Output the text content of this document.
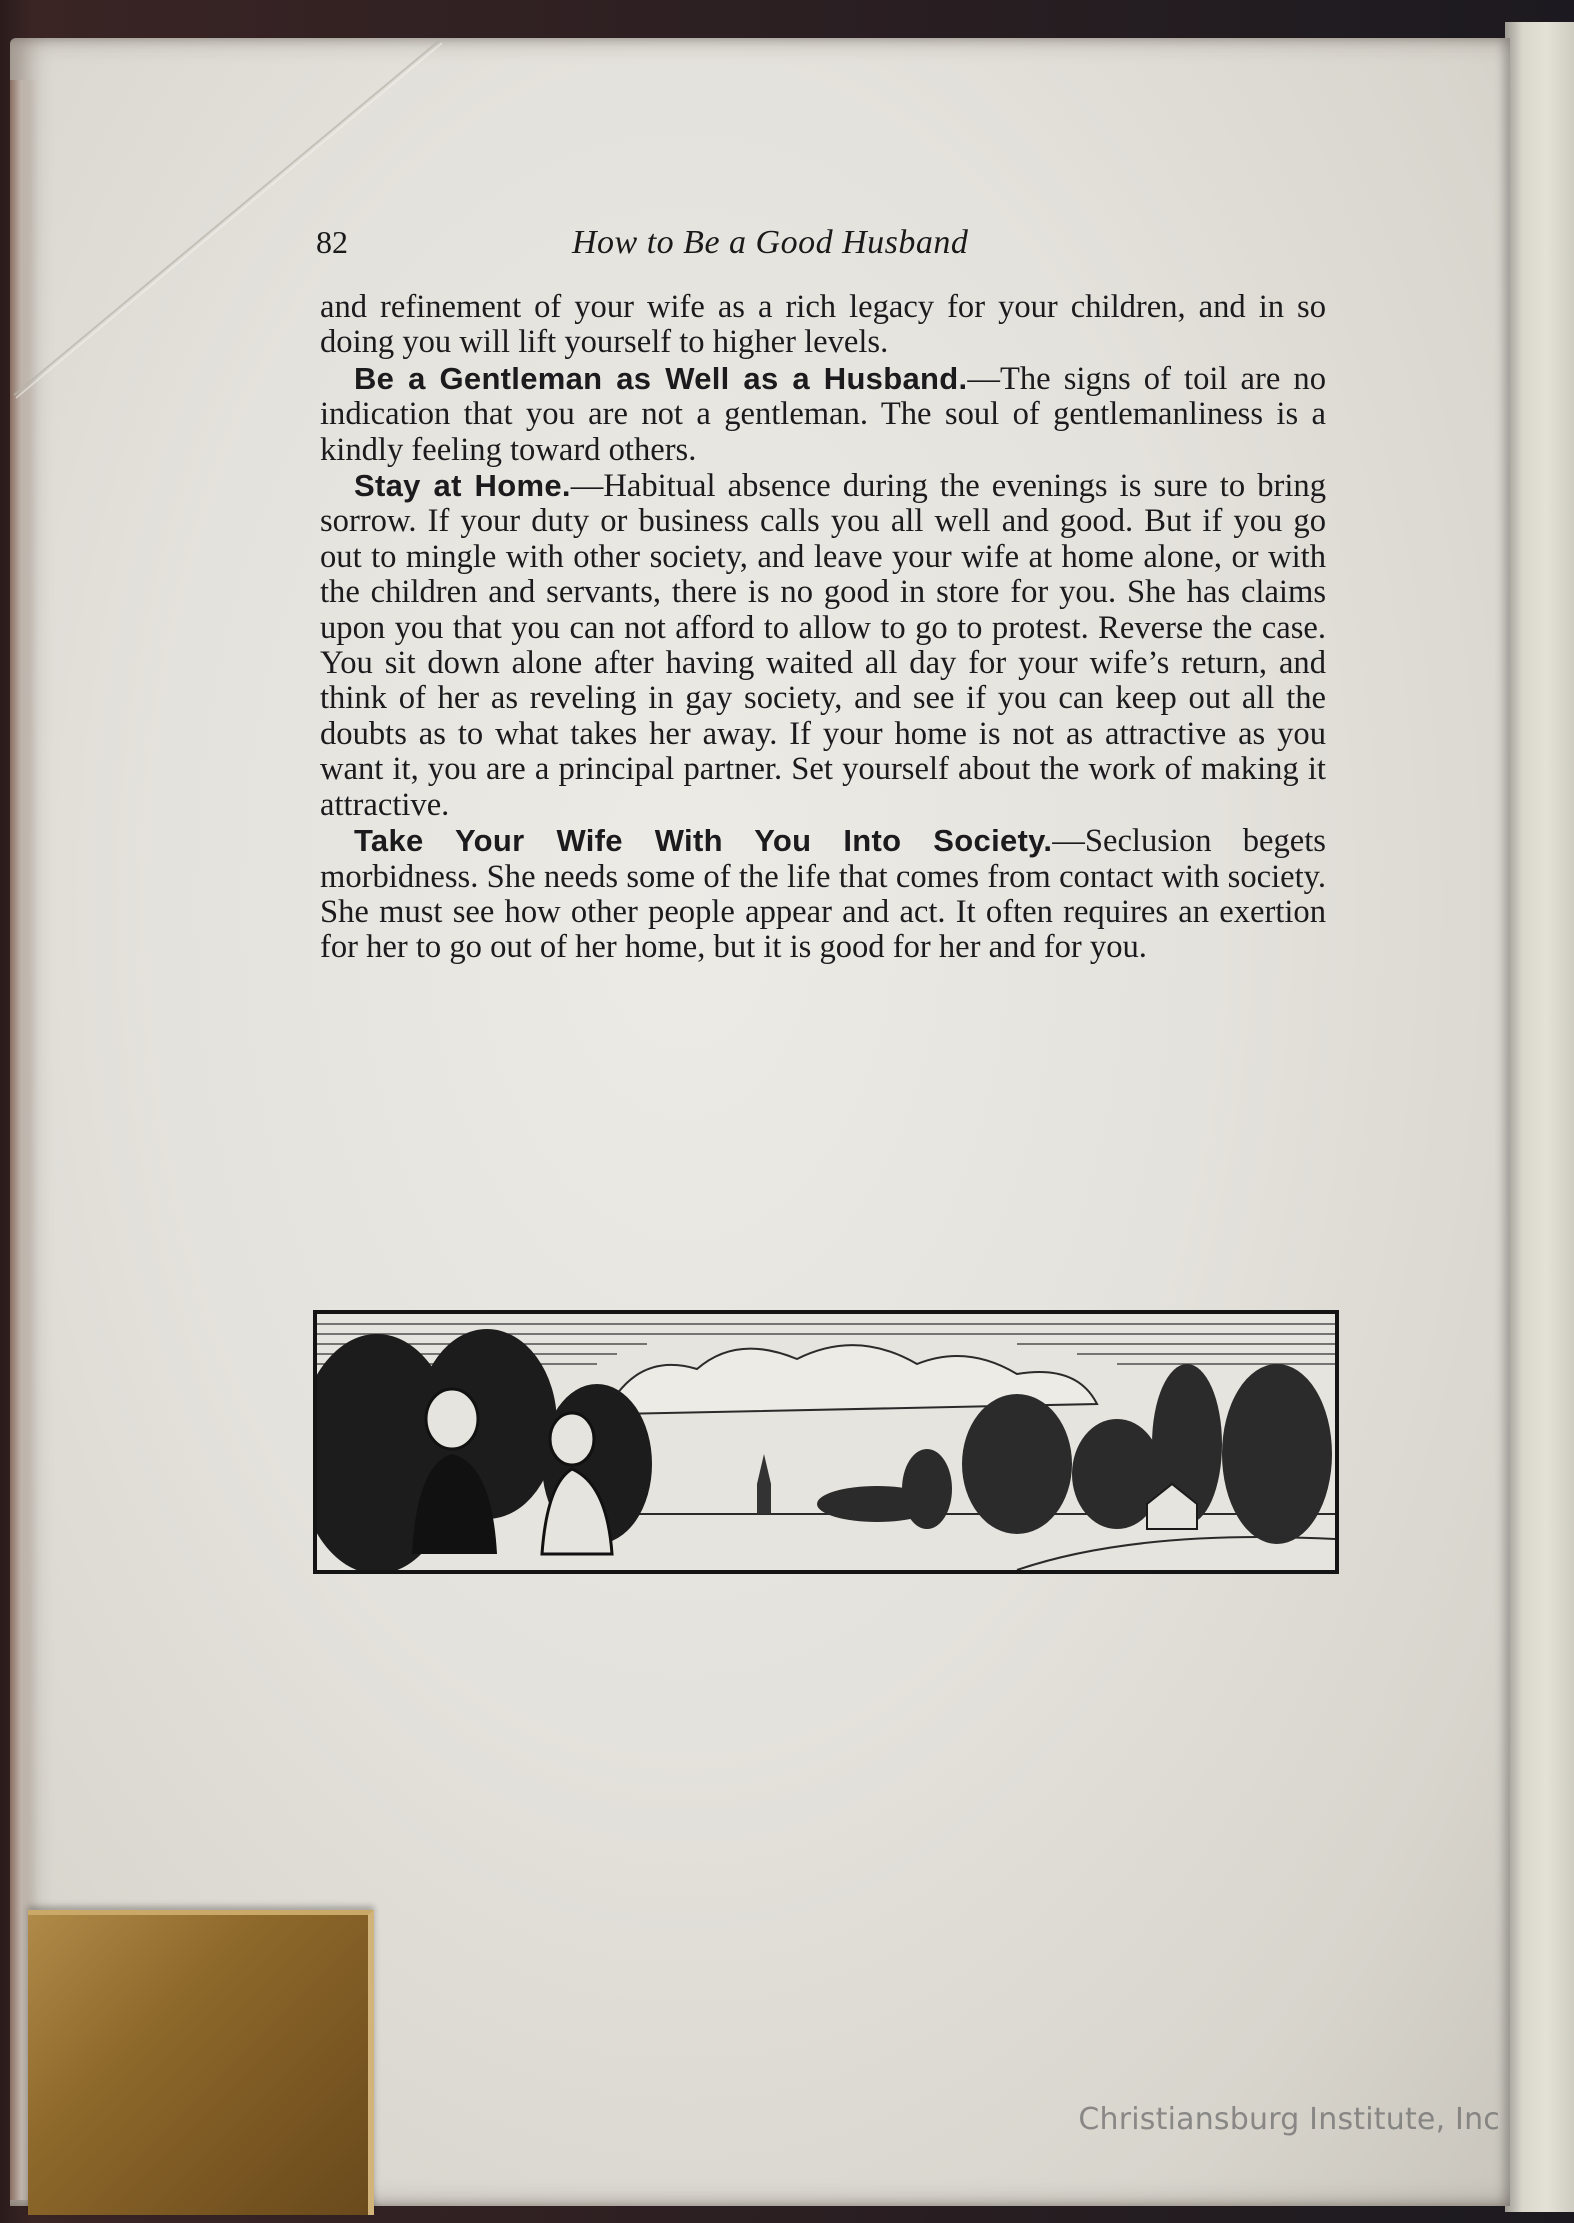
82	How to Be a Good Husband

and refinement of your wife as a rich legacy for your children, and in so doing you will lift yourself to higher levels.

Be a Gentleman as Well as a Husband.—The signs of toil are no indication that you are not a gentleman. The soul of gentlemanliness is a kindly feeling toward others.

Stay at Home.—Habitual absence during the evenings is sure to bring sorrow. If your duty or business calls you all well and good. But if you go out to mingle with other society, and leave your wife at home alone, or with the children and servants, there is no good in store for you. She has claims upon you that you can not afford to allow to go to protest. Reverse the case. You sit down alone after having waited all day for your wife’s return, and think of her as reveling in gay society, and see if you can keep out all the doubts as to what takes her away. If your home is not as attractive as you want it, you are a principal partner. Set yourself about the work of making it attractive.

Take Your Wife With You Into Society.—Seclusion begets morbidness. She needs some of the life that comes from contact with society. She must see how other people appear and act. It often requires an exertion for her to go out of her home, but it is good for her and for you.

Christiansburg Institute, Inc
